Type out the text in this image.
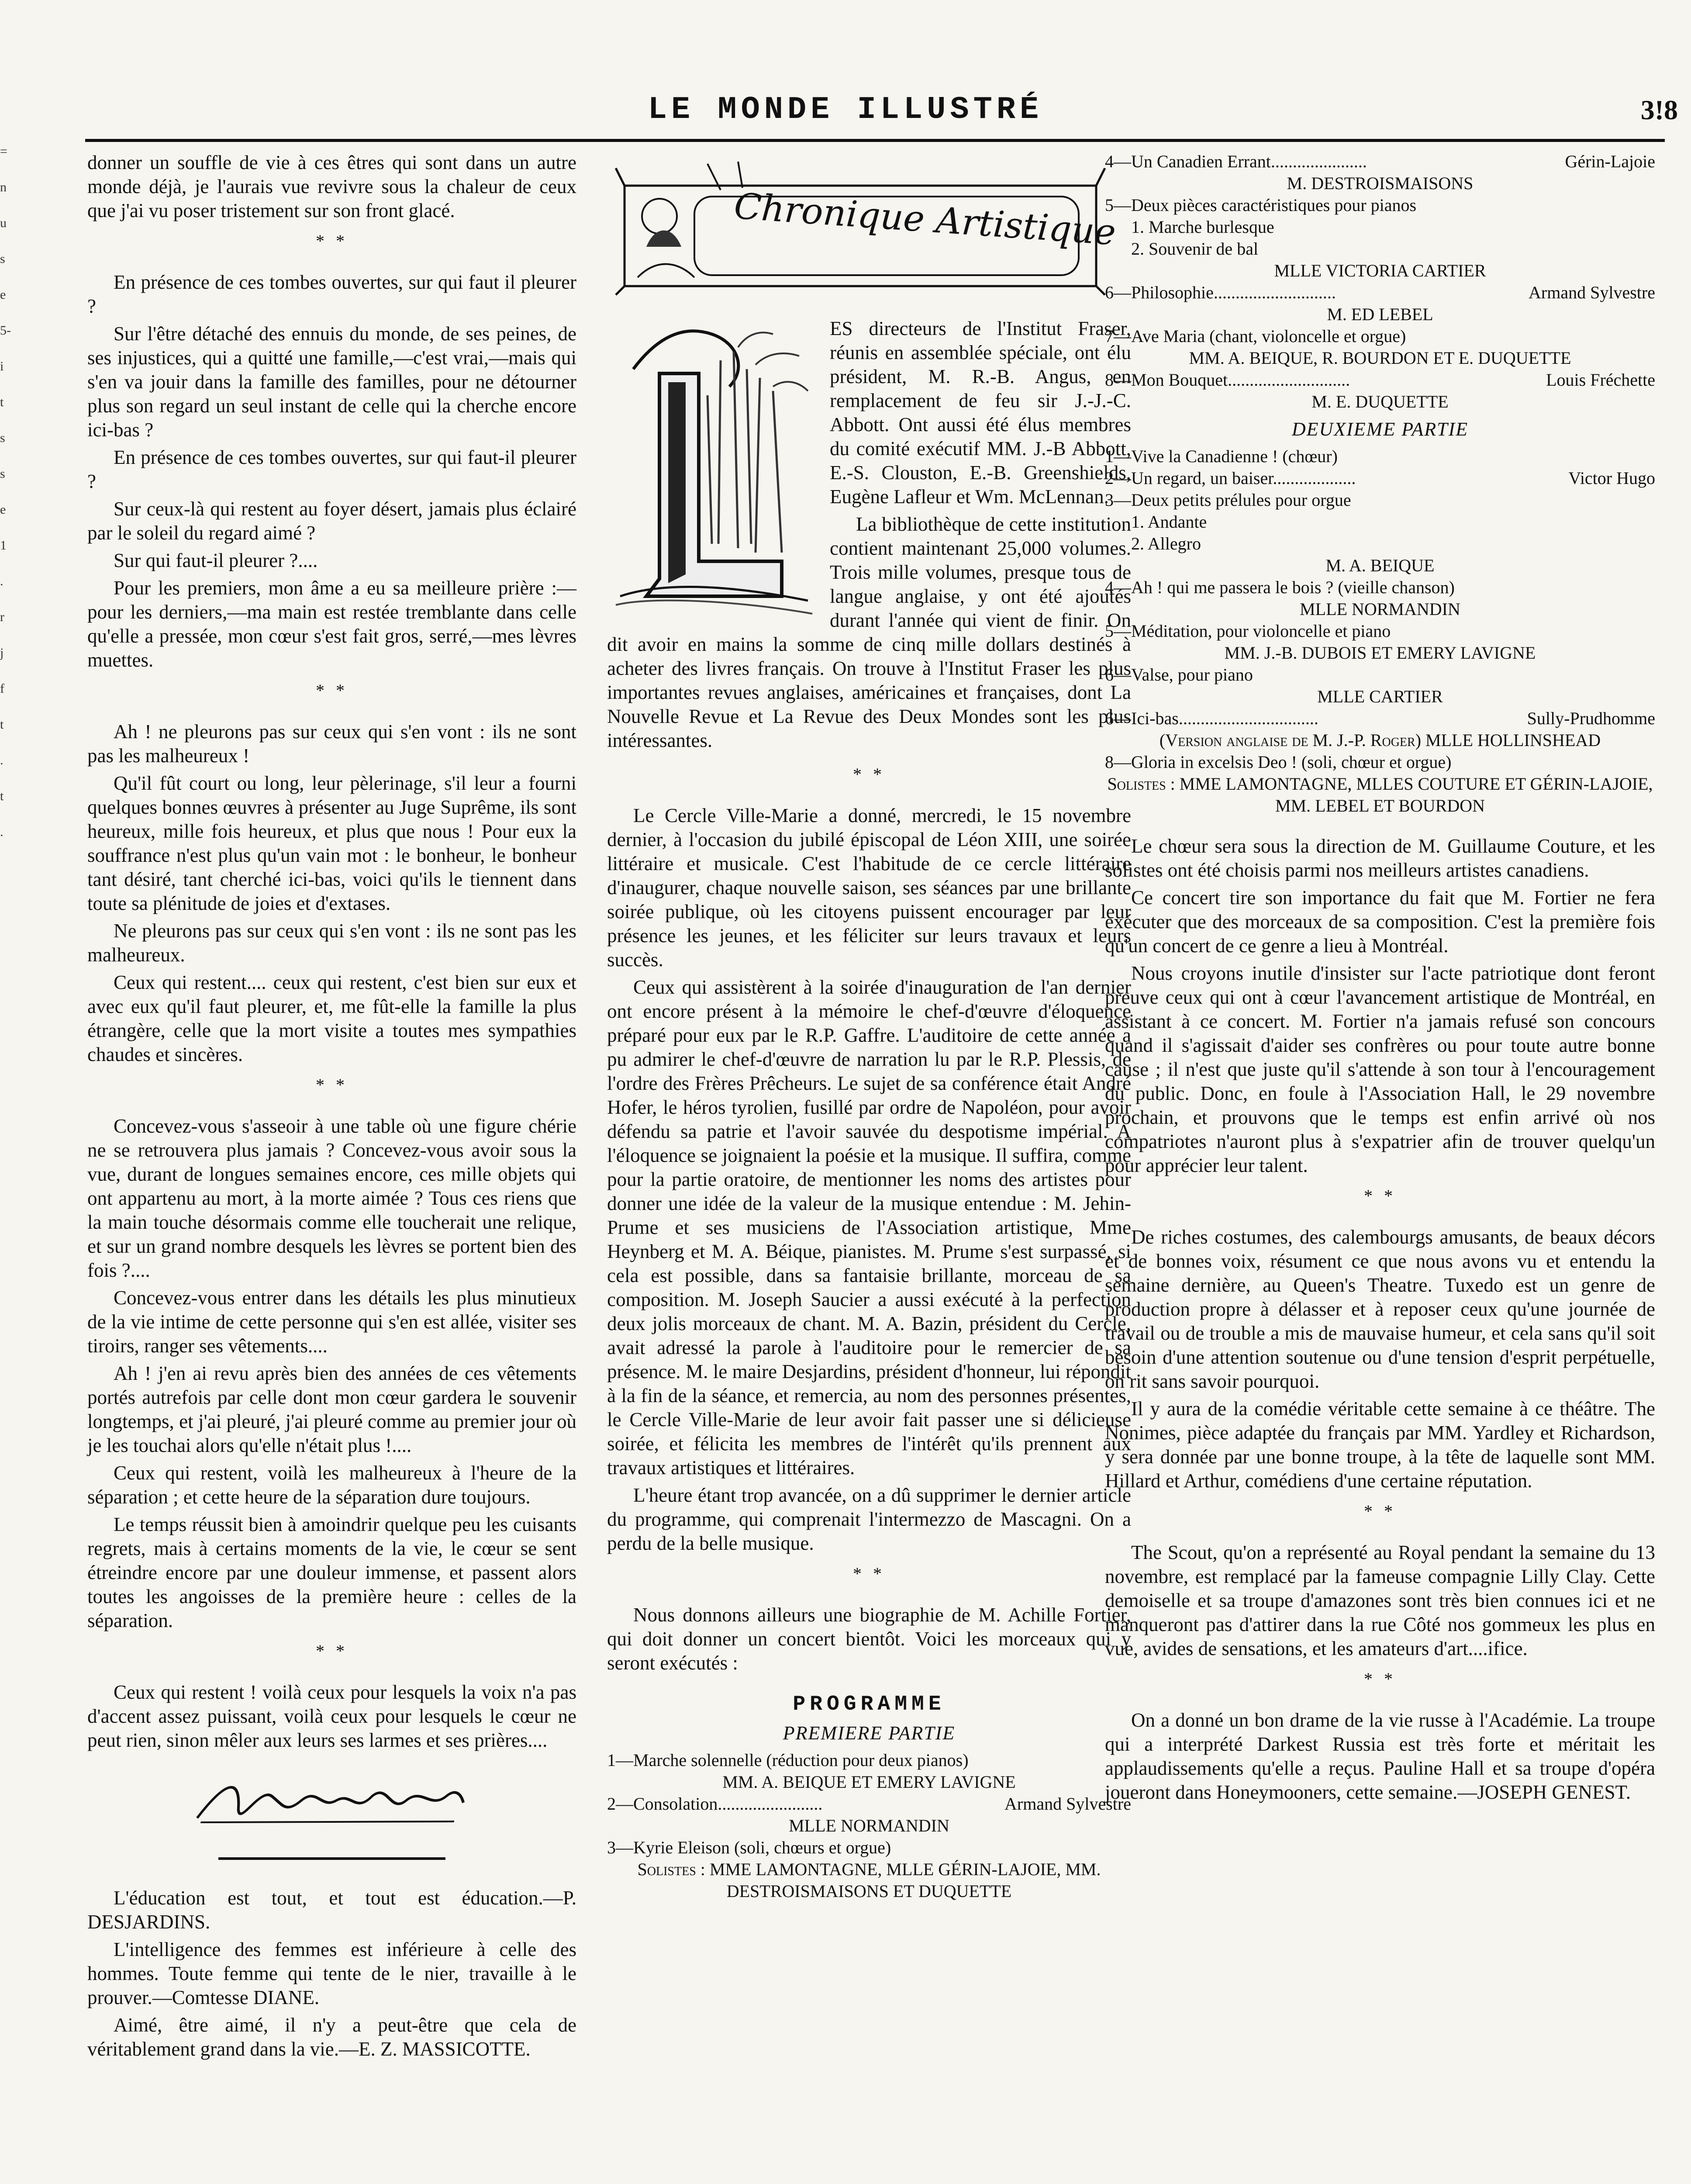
LE MONDE ILLUSTRÉ	3!8
=
n
u
s
e
5-
i
t
s
s
e
1
.
r
j
f
t
.
t
.

donner un souffle de vie à ces êtres qui sont dans un autre monde déjà, je l'aurais vue revivre sous la chaleur de ceux que j'ai vu poser tristement sur son front glacé.

* *

En présence de ces tombes ouvertes, sur qui faut il pleurer ?

Sur l'être détaché des ennuis du monde, de ses peines, de ses injustices, qui a quitté une famille,—c'est vrai,—mais qui s'en va jouir dans la famille des familles, pour ne détourner plus son regard un seul instant de celle qui la cherche encore ici-bas ?

En présence de ces tombes ouvertes, sur qui faut-il pleurer ?

Sur ceux-là qui restent au foyer désert, jamais plus éclairé par le soleil du regard aimé ?

Sur qui faut-il pleurer ?....

Pour les premiers, mon âme a eu sa meilleure prière :—pour les derniers,—ma main est restée tremblante dans celle qu'elle a pressée, mon cœur s'est fait gros, serré,—mes lèvres muettes.

* *

Ah ! ne pleurons pas sur ceux qui s'en vont : ils ne sont pas les malheureux !

Qu'il fût court ou long, leur pèlerinage, s'il leur a fourni quelques bonnes œuvres à présenter au Juge Suprême, ils sont heureux, mille fois heureux, et plus que nous ! Pour eux la souffrance n'est plus qu'un vain mot : le bonheur, le bonheur tant désiré, tant cherché ici-bas, voici qu'ils le tiennent dans toute sa plénitude de joies et d'extases.

Ne pleurons pas sur ceux qui s'en vont : ils ne sont pas les malheureux.

Ceux qui restent.... ceux qui restent, c'est bien sur eux et avec eux qu'il faut pleurer, et, me fût-elle la famille la plus étrangère, celle que la mort visite a toutes mes sympathies chaudes et sincères.

* *

Concevez-vous s'asseoir à une table où une figure chérie ne se retrouvera plus jamais ? Concevez-vous avoir sous la vue, durant de longues semaines encore, ces mille objets qui ont appartenu au mort, à la morte aimée ? Tous ces riens que la main touche désormais comme elle toucherait une relique, et sur un grand nombre desquels les lèvres se portent bien des fois ?....

Concevez-vous entrer dans les détails les plus minutieux de la vie intime de cette personne qui s'en est allée, visiter ses tiroirs, ranger ses vêtements....

Ah ! j'en ai revu après bien des années de ces vêtements portés autrefois par celle dont mon cœur gardera le souvenir longtemps, et j'ai pleuré, j'ai pleuré comme au premier jour où je les touchai alors qu'elle n'était plus !....

Ceux qui restent, voilà les malheureux à l'heure de la séparation ; et cette heure de la séparation dure toujours.

Le temps réussit bien à amoindrir quelque peu les cuisants regrets, mais à certains moments de la vie, le cœur se sent étreindre encore par une douleur immense, et passent alors toutes les angoisses de la première heure : celles de la séparation.

* *

Ceux qui restent ! voilà ceux pour lesquels la voix n'a pas d'accent assez puissant, voilà ceux pour lesquels le cœur ne peut rien, sinon mêler aux leurs ses larmes et ses prières....

L'éducation est tout, et tout est éducation.—P. DESJARDINS.

L'intelligence des femmes est inférieure à celle des hommes. Toute femme qui tente de le nier, travaille à le prouver.—Comtesse DIANE.

Aimé, être aimé, il n'y a peut-être que cela de véritablement grand dans la vie.—E. Z. MASSICOTTE.

Chronique Artistique

ES directeurs de l'Institut Fraser, réunis en assemblée spéciale, ont élu président, M. R.-B. Angus, en remplacement de feu sir J.-J.-C. Abbott. Ont aussi été élus membres du comité exécutif MM. J.-B Abbott, E.-S. Clouston, E.-B. Greenshields, Eugène Lafleur et Wm. McLennan.

La bibliothèque de cette institution contient maintenant 25,000 volumes. Trois mille volumes, presque tous de langue anglaise, y ont été ajoutés durant l'année qui vient de finir. On dit avoir en mains la somme de cinq mille dollars destinés à acheter des livres français. On trouve à l'Institut Fraser les plus importantes revues anglaises, américaines et françaises, dont La Nouvelle Revue et La Revue des Deux Mondes sont les plus intéressantes.

* *

Le Cercle Ville-Marie a donné, mercredi, le 15 novembre dernier, à l'occasion du jubilé épiscopal de Léon XIII, une soirée littéraire et musicale. C'est l'habitude de ce cercle littéraire d'inaugurer, chaque nouvelle saison, ses séances par une brillante soirée publique, où les citoyens puissent encourager par leur présence les jeunes, et les féliciter sur leurs travaux et leurs succès.

Ceux qui assistèrent à la soirée d'inauguration de l'an dernier ont encore présent à la mémoire le chef-d'œuvre d'éloquence préparé pour eux par le R.P. Gaffre. L'auditoire de cette année a pu admirer le chef-d'œuvre de narration lu par le R.P. Plessis, de l'ordre des Frères Prêcheurs. Le sujet de sa conférence était André Hofer, le héros tyrolien, fusillé par ordre de Napoléon, pour avoir défendu sa patrie et l'avoir sauvée du despotisme impérial. A l'éloquence se joignaient la poésie et la musique. Il suffira, comme pour la partie oratoire, de mentionner les noms des artistes pour donner une idée de la valeur de la musique entendue : M. Jehin-Prume et ses musiciens de l'Association artistique, Mme Heynberg et M. A. Béique, pianistes. M. Prume s'est surpassé, si cela est possible, dans sa fantaisie brillante, morceau de sa composition. M. Joseph Saucier a aussi exécuté à la perfection deux jolis morceaux de chant. M. A. Bazin, président du Cercle, avait adressé la parole à l'auditoire pour le remercier de sa présence. M. le maire Desjardins, président d'honneur, lui répondit à la fin de la séance, et remercia, au nom des personnes présentes, le Cercle Ville-Marie de leur avoir fait passer une si délicieuse soirée, et félicita les membres de l'intérêt qu'ils prennent aux travaux artistiques et littéraires.

L'heure étant trop avancée, on a dû supprimer le dernier article du programme, qui comprenait l'intermezzo de Mascagni. On a perdu de la belle musique.

* *

Nous donnons ailleurs une biographie de M. Achille Fortier, qui doit donner un concert bientôt. Voici les morceaux qui y seront exécutés :

PROGRAMME
PREMIERE PARTIE
1—Marche solennelle (réduction pour deux pianos)
MM. A. BEIQUE ET EMERY LAVIGNE
2—Consolation........................	Armand Sylvestre
MLLE NORMANDIN
3—Kyrie Eleison (soli, chœurs et orgue)
Solistes : MME LAMONTAGNE, MLLE GÉRIN-LAJOIE, MM. DESTROISMAISONS ET DUQUETTE
4—Un Canadien Errant......................	Gérin-Lajoie
M. DESTROISMAISONS
5—Deux pièces caractéristiques pour pianos
1. Marche burlesque
2. Souvenir de bal
MLLE VICTORIA CARTIER
6—Philosophie............................	Armand Sylvestre
M. ED LEBEL
7—Ave Maria (chant, violoncelle et orgue)
MM. A. BEIQUE, R. BOURDON ET E. DUQUETTE
8—Mon Bouquet............................	Louis Fréchette
M. E. DUQUETTE
DEUXIEME PARTIE
1—Vive la Canadienne ! (chœur)
2—Un regard, un baiser...................	Victor Hugo
3—Deux petits prélules pour orgue
1. Andante
2. Allegro
M. A. BEIQUE
4—Ah ! qui me passera le bois ? (vieille chanson)
MLLE NORMANDIN
5—Méditation, pour violoncelle et piano
MM. J.-B. DUBOIS ET EMERY LAVIGNE
6—Valse, pour piano
MLLE CARTIER
6—Ici-bas................................	Sully-Prudhomme
(Version anglaise de M. J.-P. Roger) MLLE HOLLINSHEAD
8—Gloria in excelsis Deo ! (soli, chœur et orgue)
Solistes : MME LAMONTAGNE, MLLES COUTURE ET GÉRIN-LAJOIE, MM. LEBEL ET BOURDON

Le chœur sera sous la direction de M. Guillaume Couture, et les solistes ont été choisis parmi nos meilleurs artistes canadiens.

Ce concert tire son importance du fait que M. Fortier ne fera exécuter que des morceaux de sa composition. C'est la première fois qu'un concert de ce genre a lieu à Montréal.

Nous croyons inutile d'insister sur l'acte patriotique dont feront preuve ceux qui ont à cœur l'avancement artistique de Montréal, en assistant à ce concert. M. Fortier n'a jamais refusé son concours quand il s'agissait d'aider ses confrères ou pour toute autre bonne cause ; il n'est que juste qu'il s'attende à son tour à l'encouragement du public. Donc, en foule à l'Association Hall, le 29 novembre prochain, et prouvons que le temps est enfin arrivé où nos compatriotes n'auront plus à s'expatrier afin de trouver quelqu'un pour apprécier leur talent.

* *

De riches costumes, des calembourgs amusants, de beaux décors et de bonnes voix, résument ce que nous avons vu et entendu la semaine dernière, au Queen's Theatre. Tuxedo est un genre de production propre à délasser et à reposer ceux qu'une journée de travail ou de trouble a mis de mauvaise humeur, et cela sans qu'il soit besoin d'une attention soutenue ou d'une tension d'esprit perpétuelle, on rit sans savoir pourquoi.

Il y aura de la comédie véritable cette semaine à ce théâtre. The Nonimes, pièce adaptée du français par MM. Yardley et Richardson, y sera donnée par une bonne troupe, à la tête de laquelle sont MM. Hillard et Arthur, comédiens d'une certaine réputation.

* *

The Scout, qu'on a représenté au Royal pendant la semaine du 13 novembre, est remplacé par la fameuse compagnie Lilly Clay. Cette demoiselle et sa troupe d'amazones sont très bien connues ici et ne manqueront pas d'attirer dans la rue Côté nos gommeux les plus en vue, avides de sensations, et les amateurs d'art....ifice.

* *

On a donné un bon drame de la vie russe à l'Académie. La troupe qui a interprété Darkest Russia est très forte et méritait les applaudissements qu'elle a reçus. Pauline Hall et sa troupe d'opéra joueront dans Honeymooners, cette semaine.—JOSEPH GENEST.
